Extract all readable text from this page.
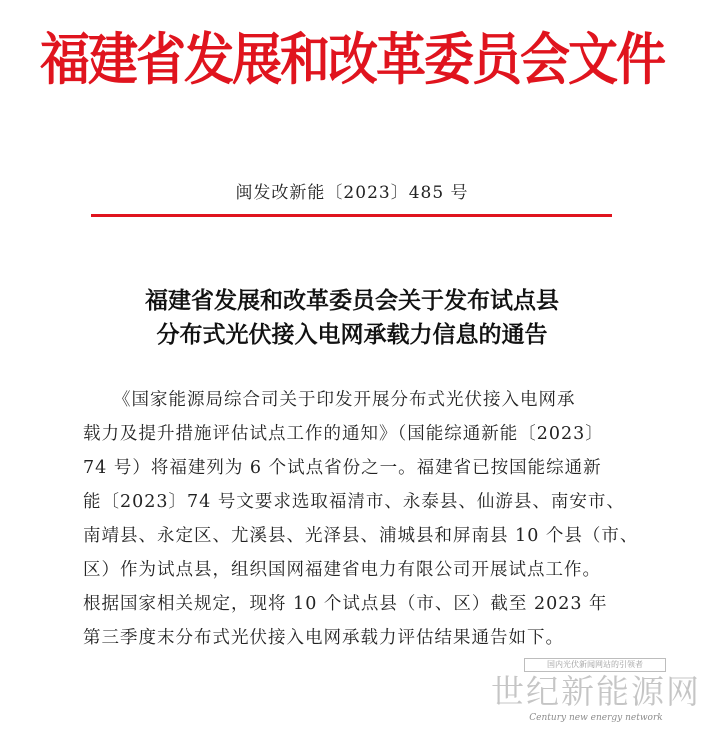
福建省发展和改革委员会文件
闽发改新能〔2023〕485 号
福建省发展和改革委员会关于发布试点县
分布式光伏接入电网承载力信息的通告
《国家能源局综合司关于印发开展分布式光伏接入电网承
载力及提升措施评估试点工作的通知》（国能综通新能〔2023〕
74 号）将福建列为 6 个试点省份之一。福建省已按国能综通新
能〔2023〕74 号文要求选取福清市、永泰县、仙游县、南安市、
南靖县、永定区、尤溪县、光泽县、浦城县和屏南县 10 个县（市、
区）作为试点县，组织国网福建省电力有限公司开展试点工作。
根据国家相关规定，现将 10 个试点县（市、区）截至 2023 年
第三季度末分布式光伏接入电网承载力评估结果通告如下。
国内光伏新闻网站的引领者
世纪新能源网
Century new energy network
